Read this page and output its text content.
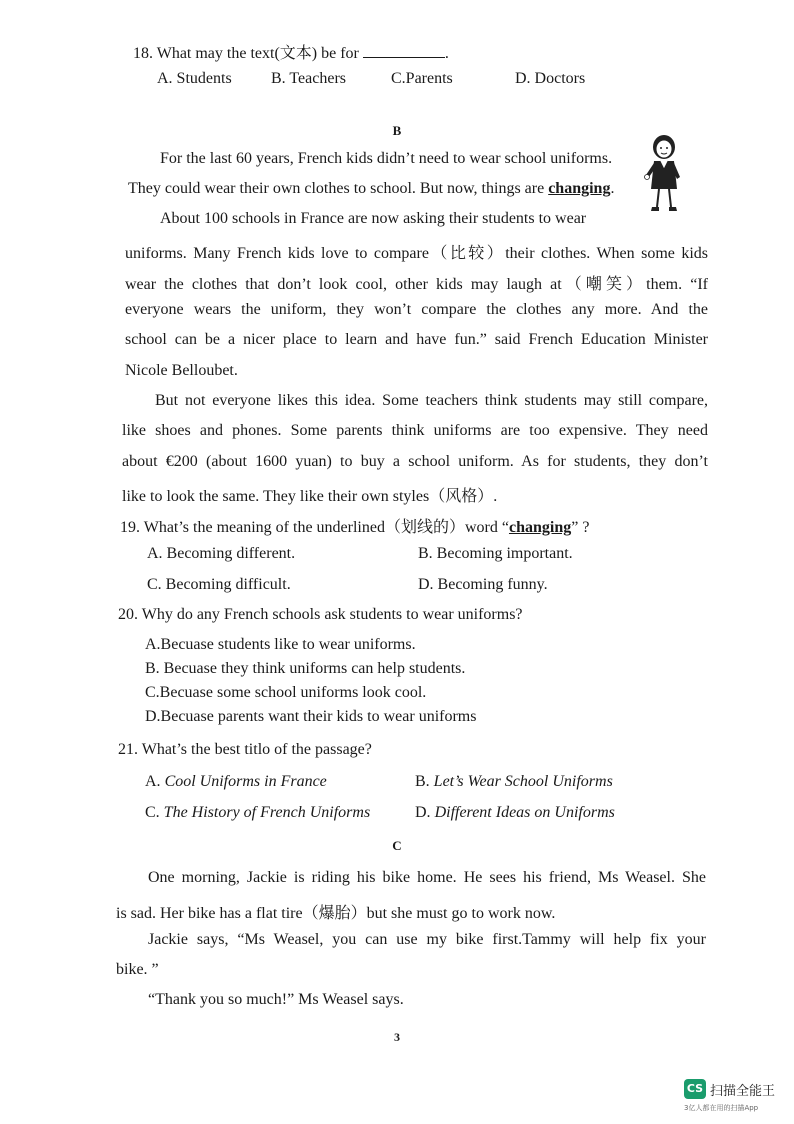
18. What may the text(文本) be for	.
A. Students B. Teachers	C.Parents	D. Doctors
B
For the last 60 years, French kids didn’t need to wear school uniforms.
They could wear their own clothes to school. But now, things are changing.
About 100 schools in France are now asking their students to wear
uniforms. Many French kids love to compare（比较）their clothes. When some kids
wear the clothes that don’t look cool, other kids may laugh at（嘲笑）them. “If
everyone wears the uniform, they won’t compare the clothes any more. And the
school can be a nicer place to learn and have fun.” said French Education Minister
Nicole Belloubet.
But not everyone likes this idea. Some teachers think students may still compare,
like shoes and phones. Some parents think uniforms are too expensive. They need
about €200 (about 1600 yuan) to buy a school uniform. As for students, they don’t
like to look the same. They like their own styles（风格）.
19. What’s the meaning of the underlined（划线的）word “changing” ?
A. Becoming different.	B. Becoming important.
C. Becoming difficult.	D. Becoming funny.
20. Why do any French schools ask students to wear uniforms?
A.Becuase students like to wear uniforms.
B. Becuase they think uniforms can help students.
C.Becuase some school uniforms look cool.
D.Becuase parents want their kids to wear uniforms
21. What’s the best titlo of the passage?
A. Cool Uniforms in France	B. Let’s Wear School Uniforms
C. The History of French Uniforms	D. Different Ideas on Uniforms
C
One morning, Jackie is riding his bike home. He sees his friend, Ms Weasel. She
is sad. Her bike has a flat tire（爆胎）but she must go to work now.
Jackie says, “Ms Weasel, you can use my bike first.Tammy will help fix your
bike. ”
“Thank you so much!” Ms Weasel says.
3
CS 扫描全能王
3亿人都在用的扫描App
